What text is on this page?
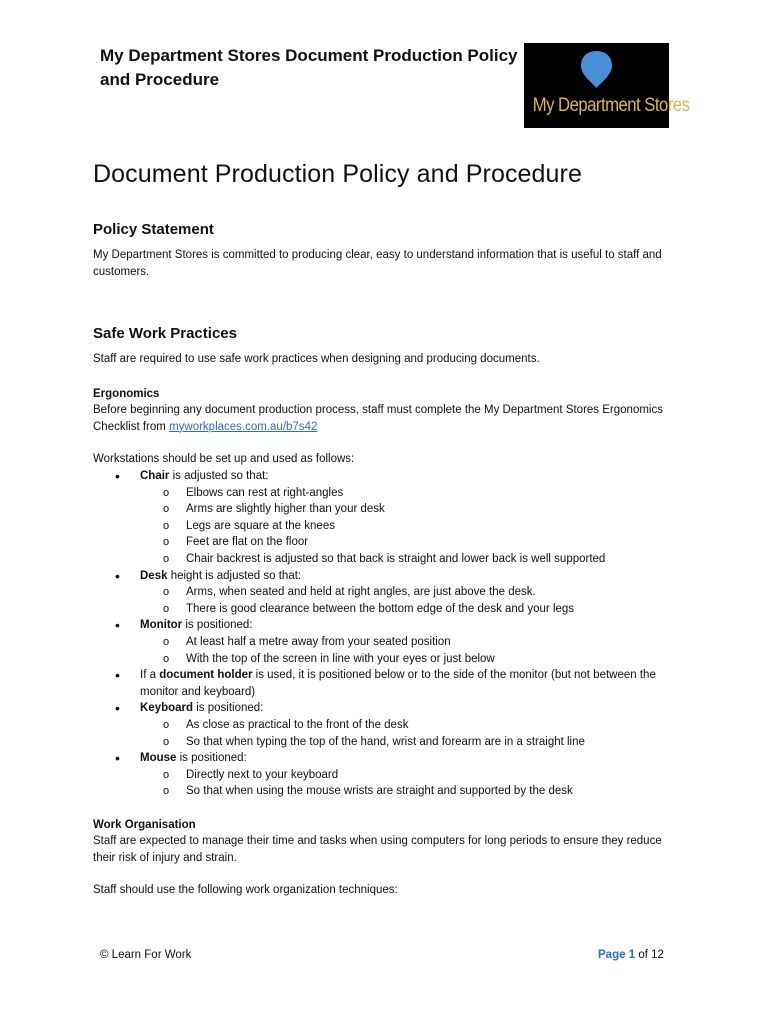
My Department Stores Document Production Policy and Procedure
My Department Stores
Document Production Policy and Procedure
Policy Statement

My Department Stores is committed to producing clear, easy to understand information that is useful to staff and customers.

Safe Work Practices

Staff are required to use safe work practices when designing and producing documents.

Ergonomics

Before beginning any document production process, staff must complete the My Department Stores Ergonomics Checklist from myworkplaces.com.au/b7s42

Workstations should be set up and used as follows:

• Chair is adjusted so that:
o Elbows can rest at right-angles
o Arms are slightly higher than your desk
o Legs are square at the knees
o Feet are flat on the floor
o Chair backrest is adjusted so that back is straight and lower back is well supported
• Desk height is adjusted so that:
o Arms, when seated and held at right angles, are just above the desk.
o There is good clearance between the bottom edge of the desk and your legs
• Monitor is positioned:
o At least half a metre away from your seated position
o With the top of the screen in line with your eyes or just below
• If a document holder is used, it is positioned below or to the side of the monitor (but not between the monitor and keyboard)
• Keyboard is positioned:
o As close as practical to the front of the desk
o So that when typing the top of the hand, wrist and forearm are in a straight line
• Mouse is positioned:
o Directly next to your keyboard
o So that when using the mouse wrists are straight and supported by the desk
Work Organisation

Staff are expected to manage their time and tasks when using computers for long periods to ensure they reduce their risk of injury and strain.

Staff should use the following work organization techniques:

© Learn For Work	Page 1 of 12
